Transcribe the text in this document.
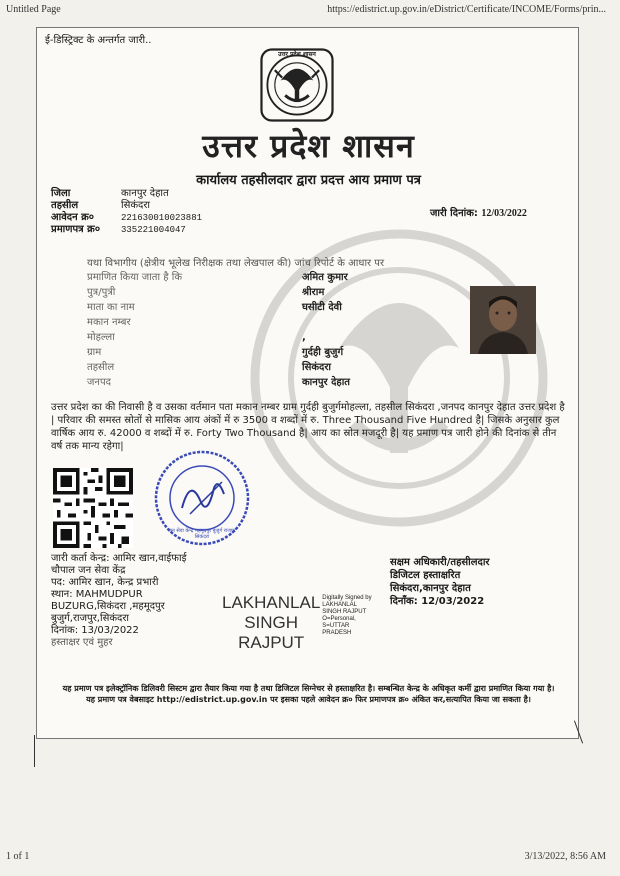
Untitled Page	https://edistrict.up.gov.in/eDistrict/Certificate/INCOME/Forms/prin...
ई-डिस्ट्रिक्ट के अन्तर्गत जारी..
उत्तर प्रदेश शासन
उत्तर प्रदेश शासन
कार्यालय तहसीलदार द्वारा प्रदत्त आय प्रमाण पत्र
जिला	कानपुर देहात
तहसील	सिकंदरा
आवेदन क्र०	221630010023881
प्रमाणपत्र क्र०	335221004047
जारी दिनांक: 12/03/2022
यथा विभागीय (क्षेत्रीय भूलेख निरीक्षक तथा लेखपाल की) जांच रिपोर्ट के आधार पर
प्रमाणित किया जाता है कि	अमित कुमार
पुत्र/पुत्री	श्रीराम
माता का नाम	घसीटी देवी
मकान नम्बर
मोहल्ला	,
ग्राम	गुर्दही बुजुर्ग
तहसील	सिकंदरा
जनपद	कानपुर देहात
उत्तर प्रदेश का की निवासी है व उसका वर्तमान पता मकान नम्बर ग्राम गुर्दही बुजुर्गमोहल्ला, तहसील सिकंदरा ,जनपद कानपुर देहात उत्तर प्रदेश है | परिवार की समस्त स्रोतों से मासिक आय अंकों में रु 3500 व शब्दों में रु. Three Thousand Five Hundred है| जिसके अनुसार कुल वार्षिक आय रु. 42000 व शब्दों में रु. Forty Two Thousand है| आय का स्रोत मजदूरी है| यह प्रमाण पत्र जारी होने की दिनांक से तीन वर्ष तक मान्य रहेगा|
जन सेवा केन्द्र महमूदपुर बुजुर्ग राजपुर सिकंदरा
जारी कर्ता केन्द्र: आमिर खान,वाईफाई
चौपाल जन सेवा केंद्र
पद: आमिर खान, केन्द्र प्रभारी
स्थान: MAHMUDPUR
BUZURG,सिकंदरा ,महमूदपुर
बुजुर्ग,राजपुर,सिकंदरा
दिनांक: 13/03/2022
हस्ताक्षर एवं मुहर
LAKHANLAL
SINGH
RAJPUT
Digitally Signed by
LAKHANLAL
SINGH RAJPUT
O=Personal,
S=UTTAR
PRADESH
सक्षम अधिकारी/तहसीलदार
डिजिटल हस्ताक्षरित
सिकंदरा,कानपुर देहात
दिनाँक: 12/03/2022
यह प्रमाण पत्र इलेक्ट्रॉनिक डिलिवरी सिस्टम द्वारा तैयार किया गया है तथा डिजिटल सिग्नेचर से हस्ताक्षरित है। सम्बन्धित केन्द्र के अधिकृत कर्मी द्वारा प्रमाणित किया गया है। यह प्रमाण पत्र वेबसाइट http://edistrict.up.gov.in पर इसका पहले आवेदन क्र० फिर प्रमाणपत्र क्र० अंकित कर,सत्यापित किया जा सकता है।
1 of 1	3/13/2022, 8:56 AM
